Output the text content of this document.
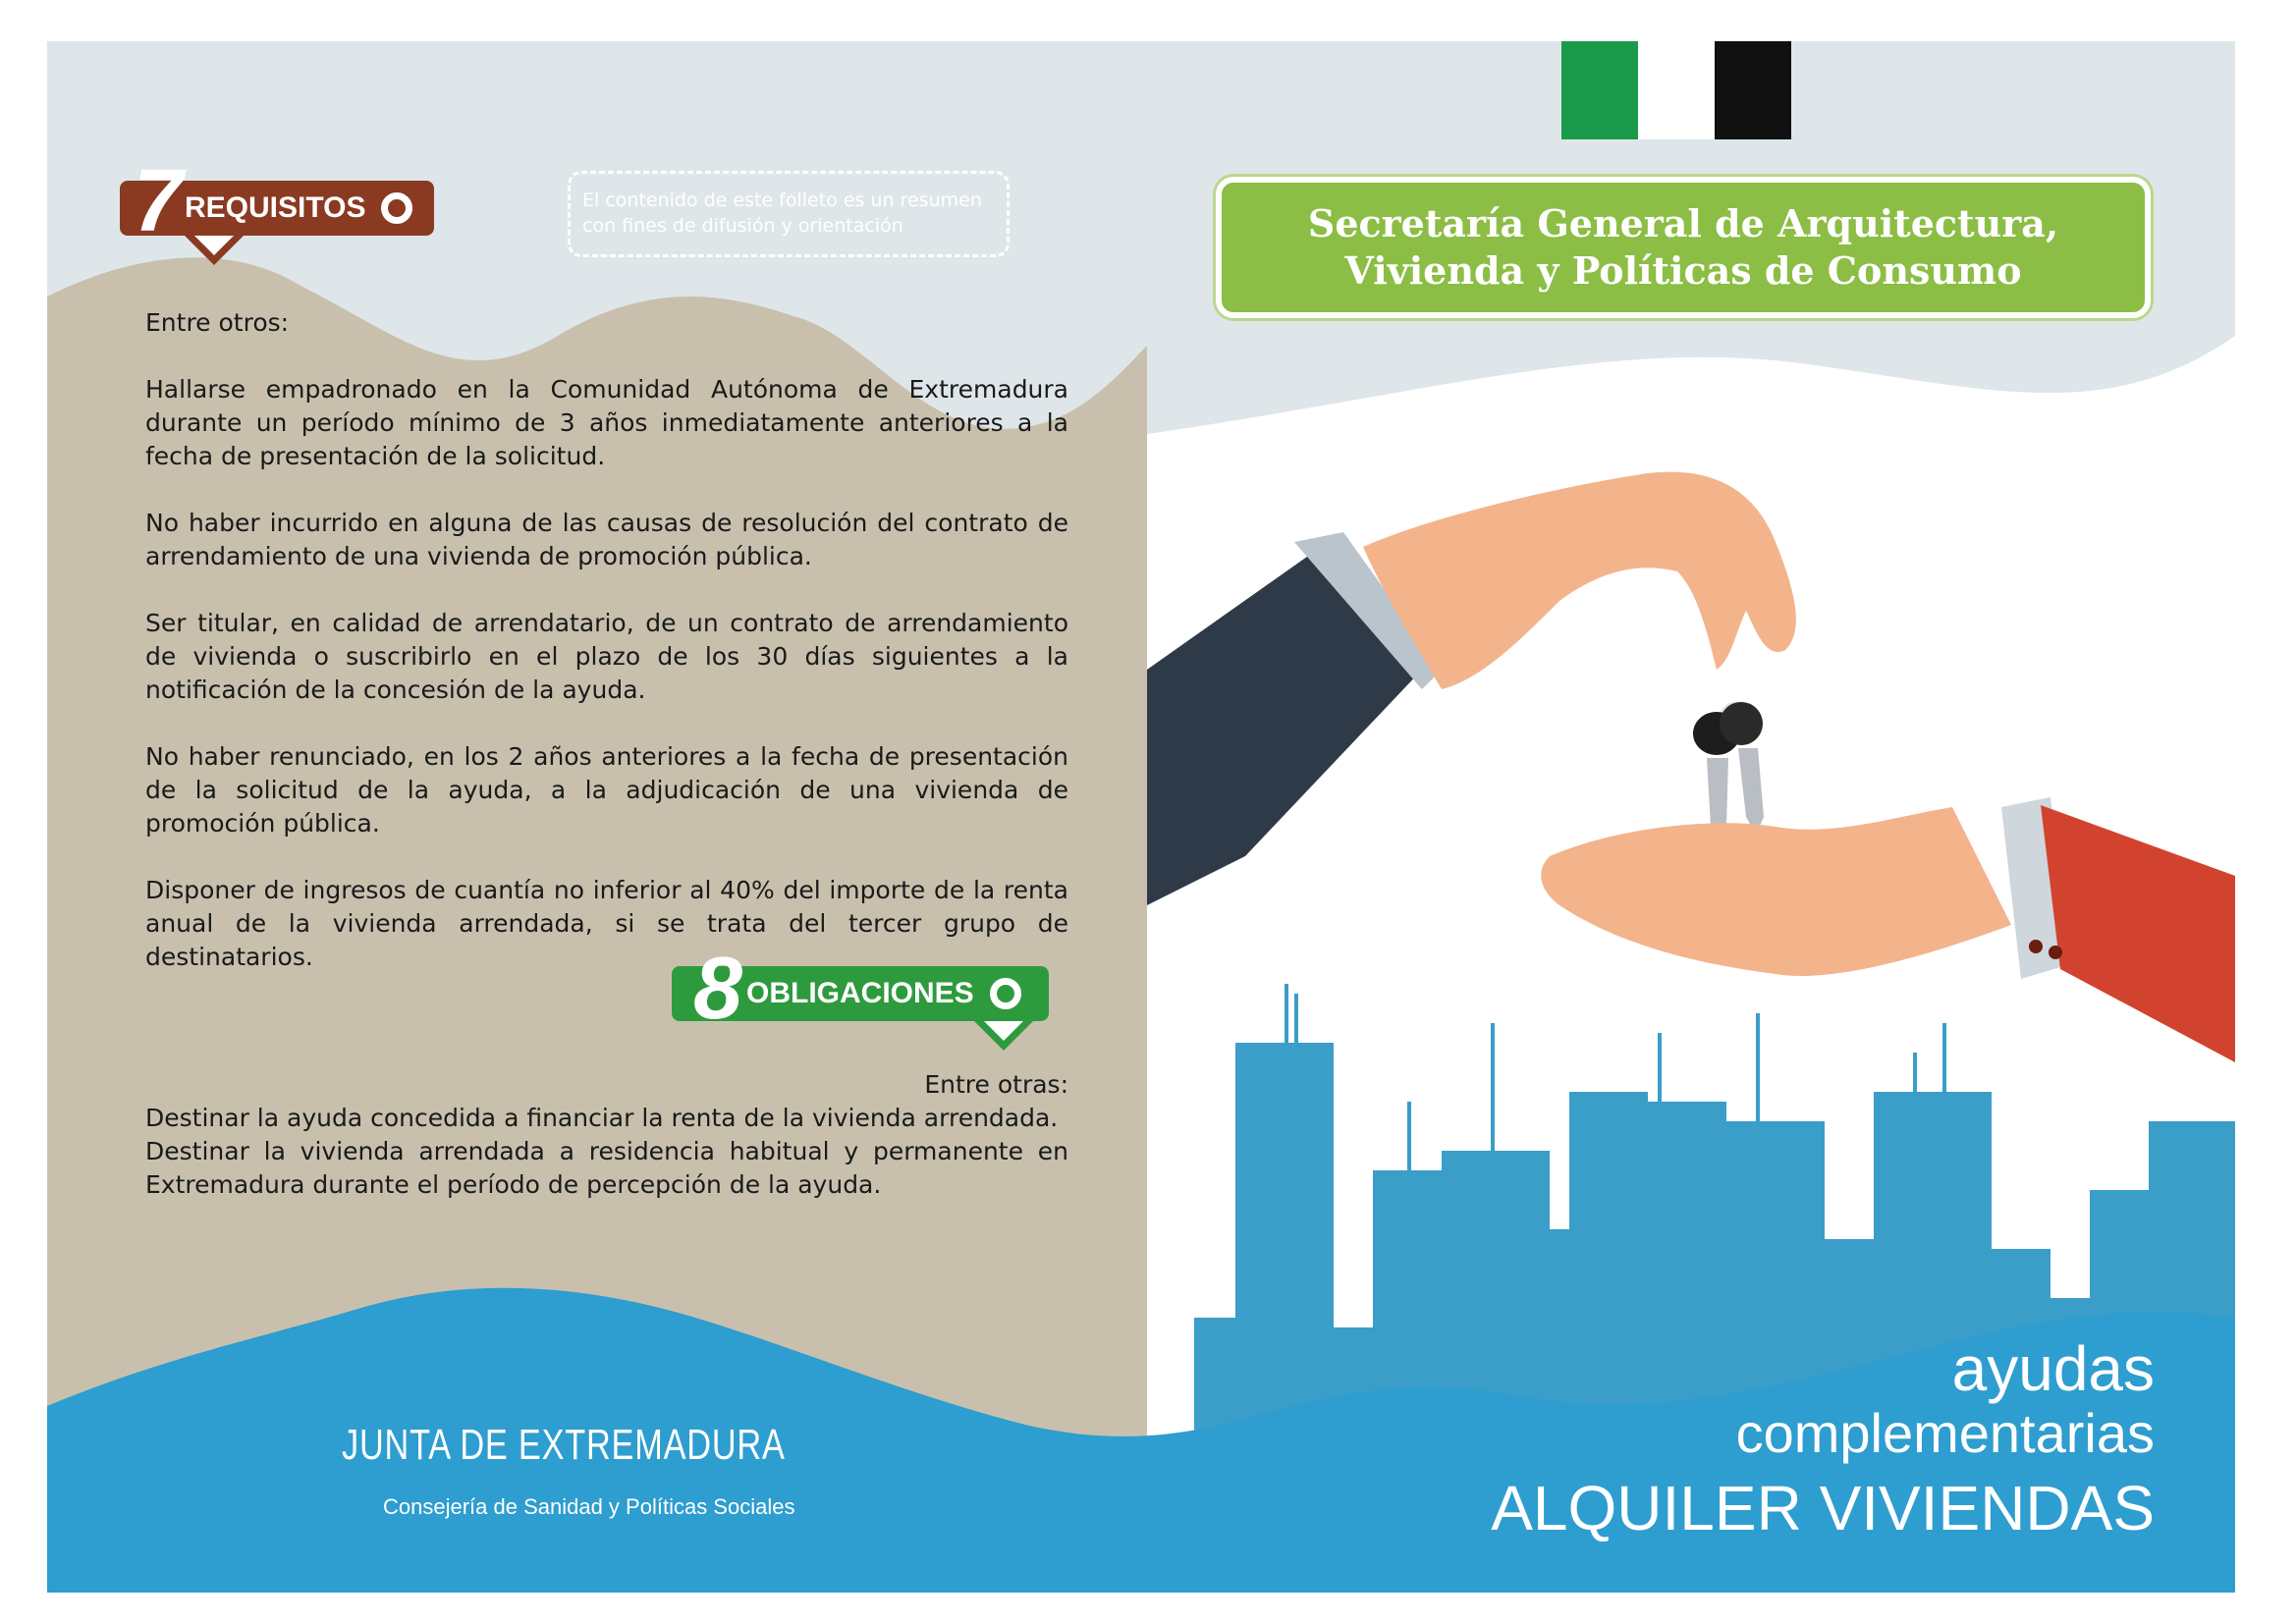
REQUISITOS
7	El contenido de este folleto es un resumen
con fines de difusión y orientación

Entre otros:

Hallarse empadronado en la Comunidad Autónoma de Extremadura durante un período mínimo de 3 años inmediatamente anteriores a la fecha de presentación de la solicitud.

No haber incurrido en alguna de las causas de resolución del contrato de arrendamiento de una vivienda de promoción pública.

Ser titular, en calidad de arrendatario, de un contrato de arrendamiento de vivienda o suscribirlo en el plazo de los 30 días siguientes a la notificación de la concesión de la ayuda.

No haber renunciado, en los 2 años anteriores a la fecha de presentación de la solicitud de la ayuda, a la adjudicación de una vivienda de promoción pública.

Disponer de ingresos de cuantía no inferior al 40% del importe de la renta anual de la vivienda arrendada, si se trata del tercer grupo de destinatarios.

OBLIGACIONES
8
Entre otras:
Destinar la ayuda concedida a financiar la renta de la vivienda arrendada.
Destinar la vivienda arrendada a residencia habitual y permanente en Extremadura durante el período de percepción de la ayuda.
Secretaría General de Arquitectura,
Vivienda y Políticas de Consumo
JUNTA DE EXTREMADURA
Consejería de Sanidad y Políticas Sociales
ayudas
complementarias
ALQUILER VIVIENDAS
